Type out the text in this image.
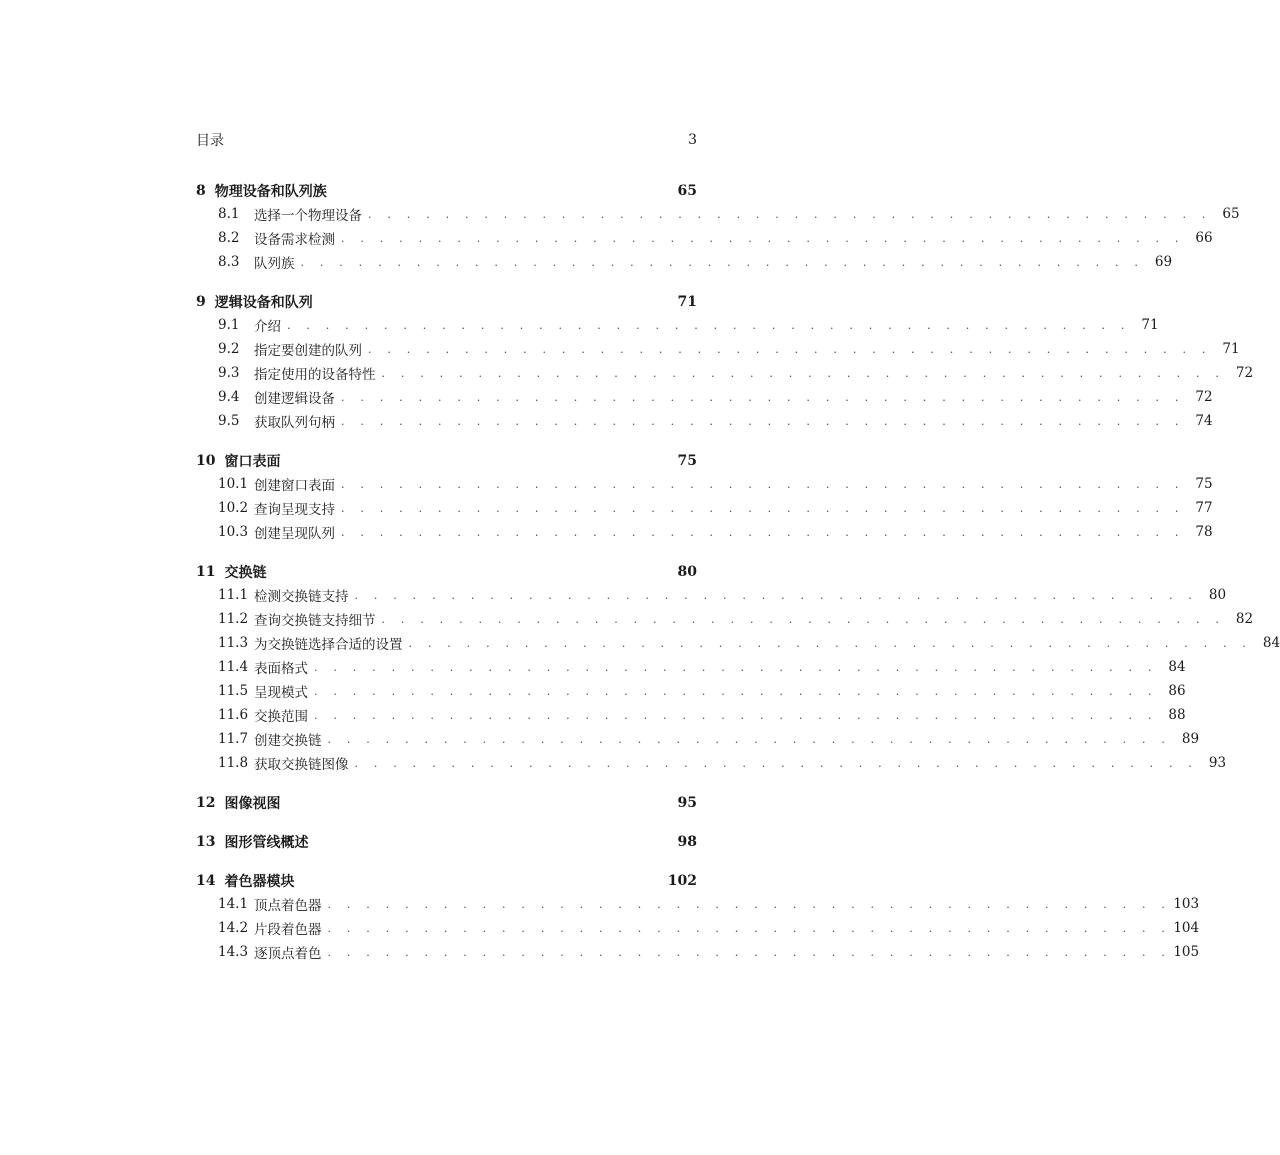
目录	3
8 物理设备和队列族	65
8.1	选择一个物理设备 . . . . . . . . . . . . . . . . . . . . . . . . . . . . . . . . . . . . . . . . . . . . 65
8.2	设备需求检测 . . . . . . . . . . . . . . . . . . . . . . . . . . . . . . . . . . . . . . . . . . . . 66
8.3	队列族 . . . . . . . . . . . . . . . . . . . . . . . . . . . . . . . . . . . . . . . . . . . . 69
9 逻辑设备和队列	71
9.1	介绍 . . . . . . . . . . . . . . . . . . . . . . . . . . . . . . . . . . . . . . . . . . . . 71
9.2	指定要创建的队列 . . . . . . . . . . . . . . . . . . . . . . . . . . . . . . . . . . . . . . . . . . . . 71
9.3	指定使用的设备特性 . . . . . . . . . . . . . . . . . . . . . . . . . . . . . . . . . . . . . . . . . . . . 72
9.4	创建逻辑设备 . . . . . . . . . . . . . . . . . . . . . . . . . . . . . . . . . . . . . . . . . . . . 72
9.5	获取队列句柄 . . . . . . . . . . . . . . . . . . . . . . . . . . . . . . . . . . . . . . . . . . . . 74
10 窗口表面	75
10.1 创建窗口表面 . . . . . . . . . . . . . . . . . . . . . . . . . . . . . . . . . . . . . . . . . . . . 75
10.2 查询呈现支持 . . . . . . . . . . . . . . . . . . . . . . . . . . . . . . . . . . . . . . . . . . . . 77
10.3 创建呈现队列 . . . . . . . . . . . . . . . . . . . . . . . . . . . . . . . . . . . . . . . . . . . . 78
11 交换链	80
11.1 检测交换链支持 . . . . . . . . . . . . . . . . . . . . . . . . . . . . . . . . . . . . . . . . . . . . 80
11.2 查询交换链支持细节 . . . . . . . . . . . . . . . . . . . . . . . . . . . . . . . . . . . . . . . . . . . . 82
11.3 为交换链选择合适的设置 . . . . . . . . . . . . . . . . . . . . . . . . . . . . . . . . . . . . . . . . . . . . 84
11.4 表面格式 . . . . . . . . . . . . . . . . . . . . . . . . . . . . . . . . . . . . . . . . . . . . 84
11.5 呈现模式 . . . . . . . . . . . . . . . . . . . . . . . . . . . . . . . . . . . . . . . . . . . . 86
11.6 交换范围 . . . . . . . . . . . . . . . . . . . . . . . . . . . . . . . . . . . . . . . . . . . . 88
11.7 创建交换链 . . . . . . . . . . . . . . . . . . . . . . . . . . . . . . . . . . . . . . . . . . . . 89
11.8 获取交换链图像 . . . . . . . . . . . . . . . . . . . . . . . . . . . . . . . . . . . . . . . . . . . . 93
12 图像视图	95
13 图形管线概述	98
14 着色器模块	102
14.1 顶点着色器 . . . . . . . . . . . . . . . . . . . . . . . . . . . . . . . . . . . . . . . . . . . . 103
14.2 片段着色器 . . . . . . . . . . . . . . . . . . . . . . . . . . . . . . . . . . . . . . . . . . . . 104
14.3 逐顶点着色 . . . . . . . . . . . . . . . . . . . . . . . . . . . . . . . . . . . . . . . . . . . . 105
